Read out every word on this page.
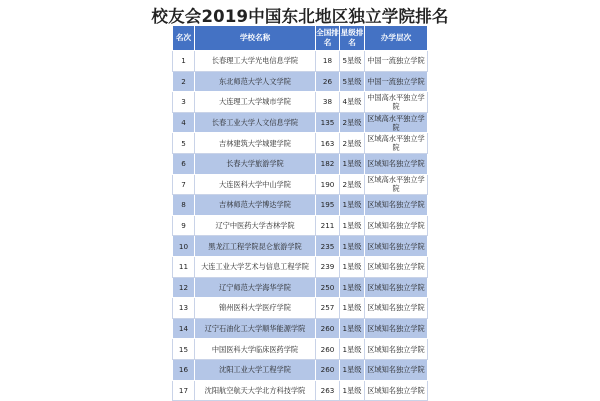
校友会2019中国东北地区独立学院排名
名次	学校名称	全国排名	星级排名	办学层次
1	长春理工大学光电信息学院	18	5星级	中国一流独立学院
2	东北师范大学人文学院	26	5星级	中国一流独立学院
3	大连理工大学城市学院	38	4星级	中国高水平独立学院
4	长春工业大学人文信息学院	135	2星级	区域高水平独立学院
5	吉林建筑大学城建学院	163	2星级	区域高水平独立学院
6	长春大学旅游学院	182	1星级	区域知名独立学院
7	大连医科大学中山学院	190	2星级	区域高水平独立学院
8	吉林师范大学博达学院	195	1星级	区域知名独立学院
9	辽宁中医药大学杏林学院	211	1星级	区域知名独立学院
10	黑龙江工程学院昆仑旅游学院	235	1星级	区域知名独立学院
11	大连工业大学艺术与信息工程学院	239	1星级	区域知名独立学院
12	辽宁师范大学海华学院	250	1星级	区域知名独立学院
13	锦州医科大学医疗学院	257	1星级	区域知名独立学院
14	辽宁石油化工大学顺华能源学院	260	1星级	区域知名独立学院
15	中国医科大学临床医药学院	260	1星级	区域知名独立学院
16	沈阳工业大学工程学院	260	1星级	区域知名独立学院
17	沈阳航空航天大学北方科技学院	263	1星级	区域知名独立学院
